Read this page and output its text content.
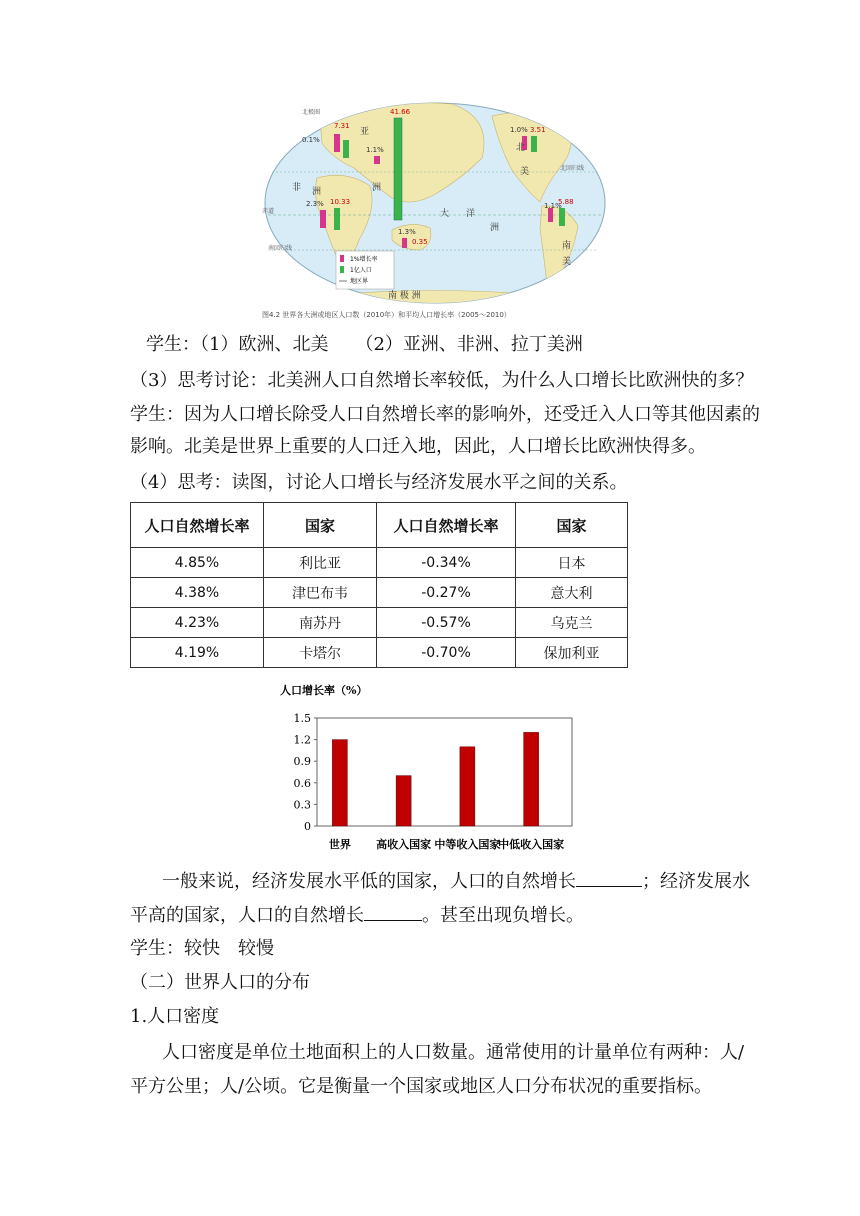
41.66
1.1%
0.1%
7.31	1.0% 3.51
2.3% 10.33	1.1%
5.88
1.3%
0.35
亚
洲
非 洲
大 洋
洲
北
美
南
美
南 极 洲
赤道
南回归线
北回归线
北极圈
1%增长率
1亿人口
地区界
图4.2 世界各大洲或地区人口数（2010年）和平均人口增长率（2005～2010）
学生：（1）欧洲、北美　　（2）亚洲、非洲、拉丁美洲
（3）思考讨论：北美洲人口自然增长率较低，为什么人口增长比欧洲快的多？
学生：因为人口增长除受人口自然增长率的影响外，还受迁入人口等其他因素的
影响。北美是世界上重要的人口迁入地，因此，人口增长比欧洲快得多。
（4）思考：读图，讨论人口增长与经济发展水平之间的关系。
人口自然增长率	国家	人口自然增长率	国家
4.85%	利比亚	-0.34%	日本
4.38%	津巴布韦	-0.27%	意大利
4.23%	南苏丹	-0.57%	乌克兰
4.19%	卡塔尔	-0.70%	保加利亚
人口增长率（%）
0
0.3
0.6
0.9
1.2
1.5
世界 高收入国家 中等收入国家
中低收入国家
一般来说，经济发展水平低的国家，人口的自然增长	；经济发展水
平高的国家，人口的自然增长	。甚至出现负增长。
学生：较快　较慢
（二）世界人口的分布
1.人口密度
人口密度是单位土地面积上的人口数量。通常使用的计量单位有两种：人/
平方公里；人/公顷。它是衡量一个国家或地区人口分布状况的重要指标。
